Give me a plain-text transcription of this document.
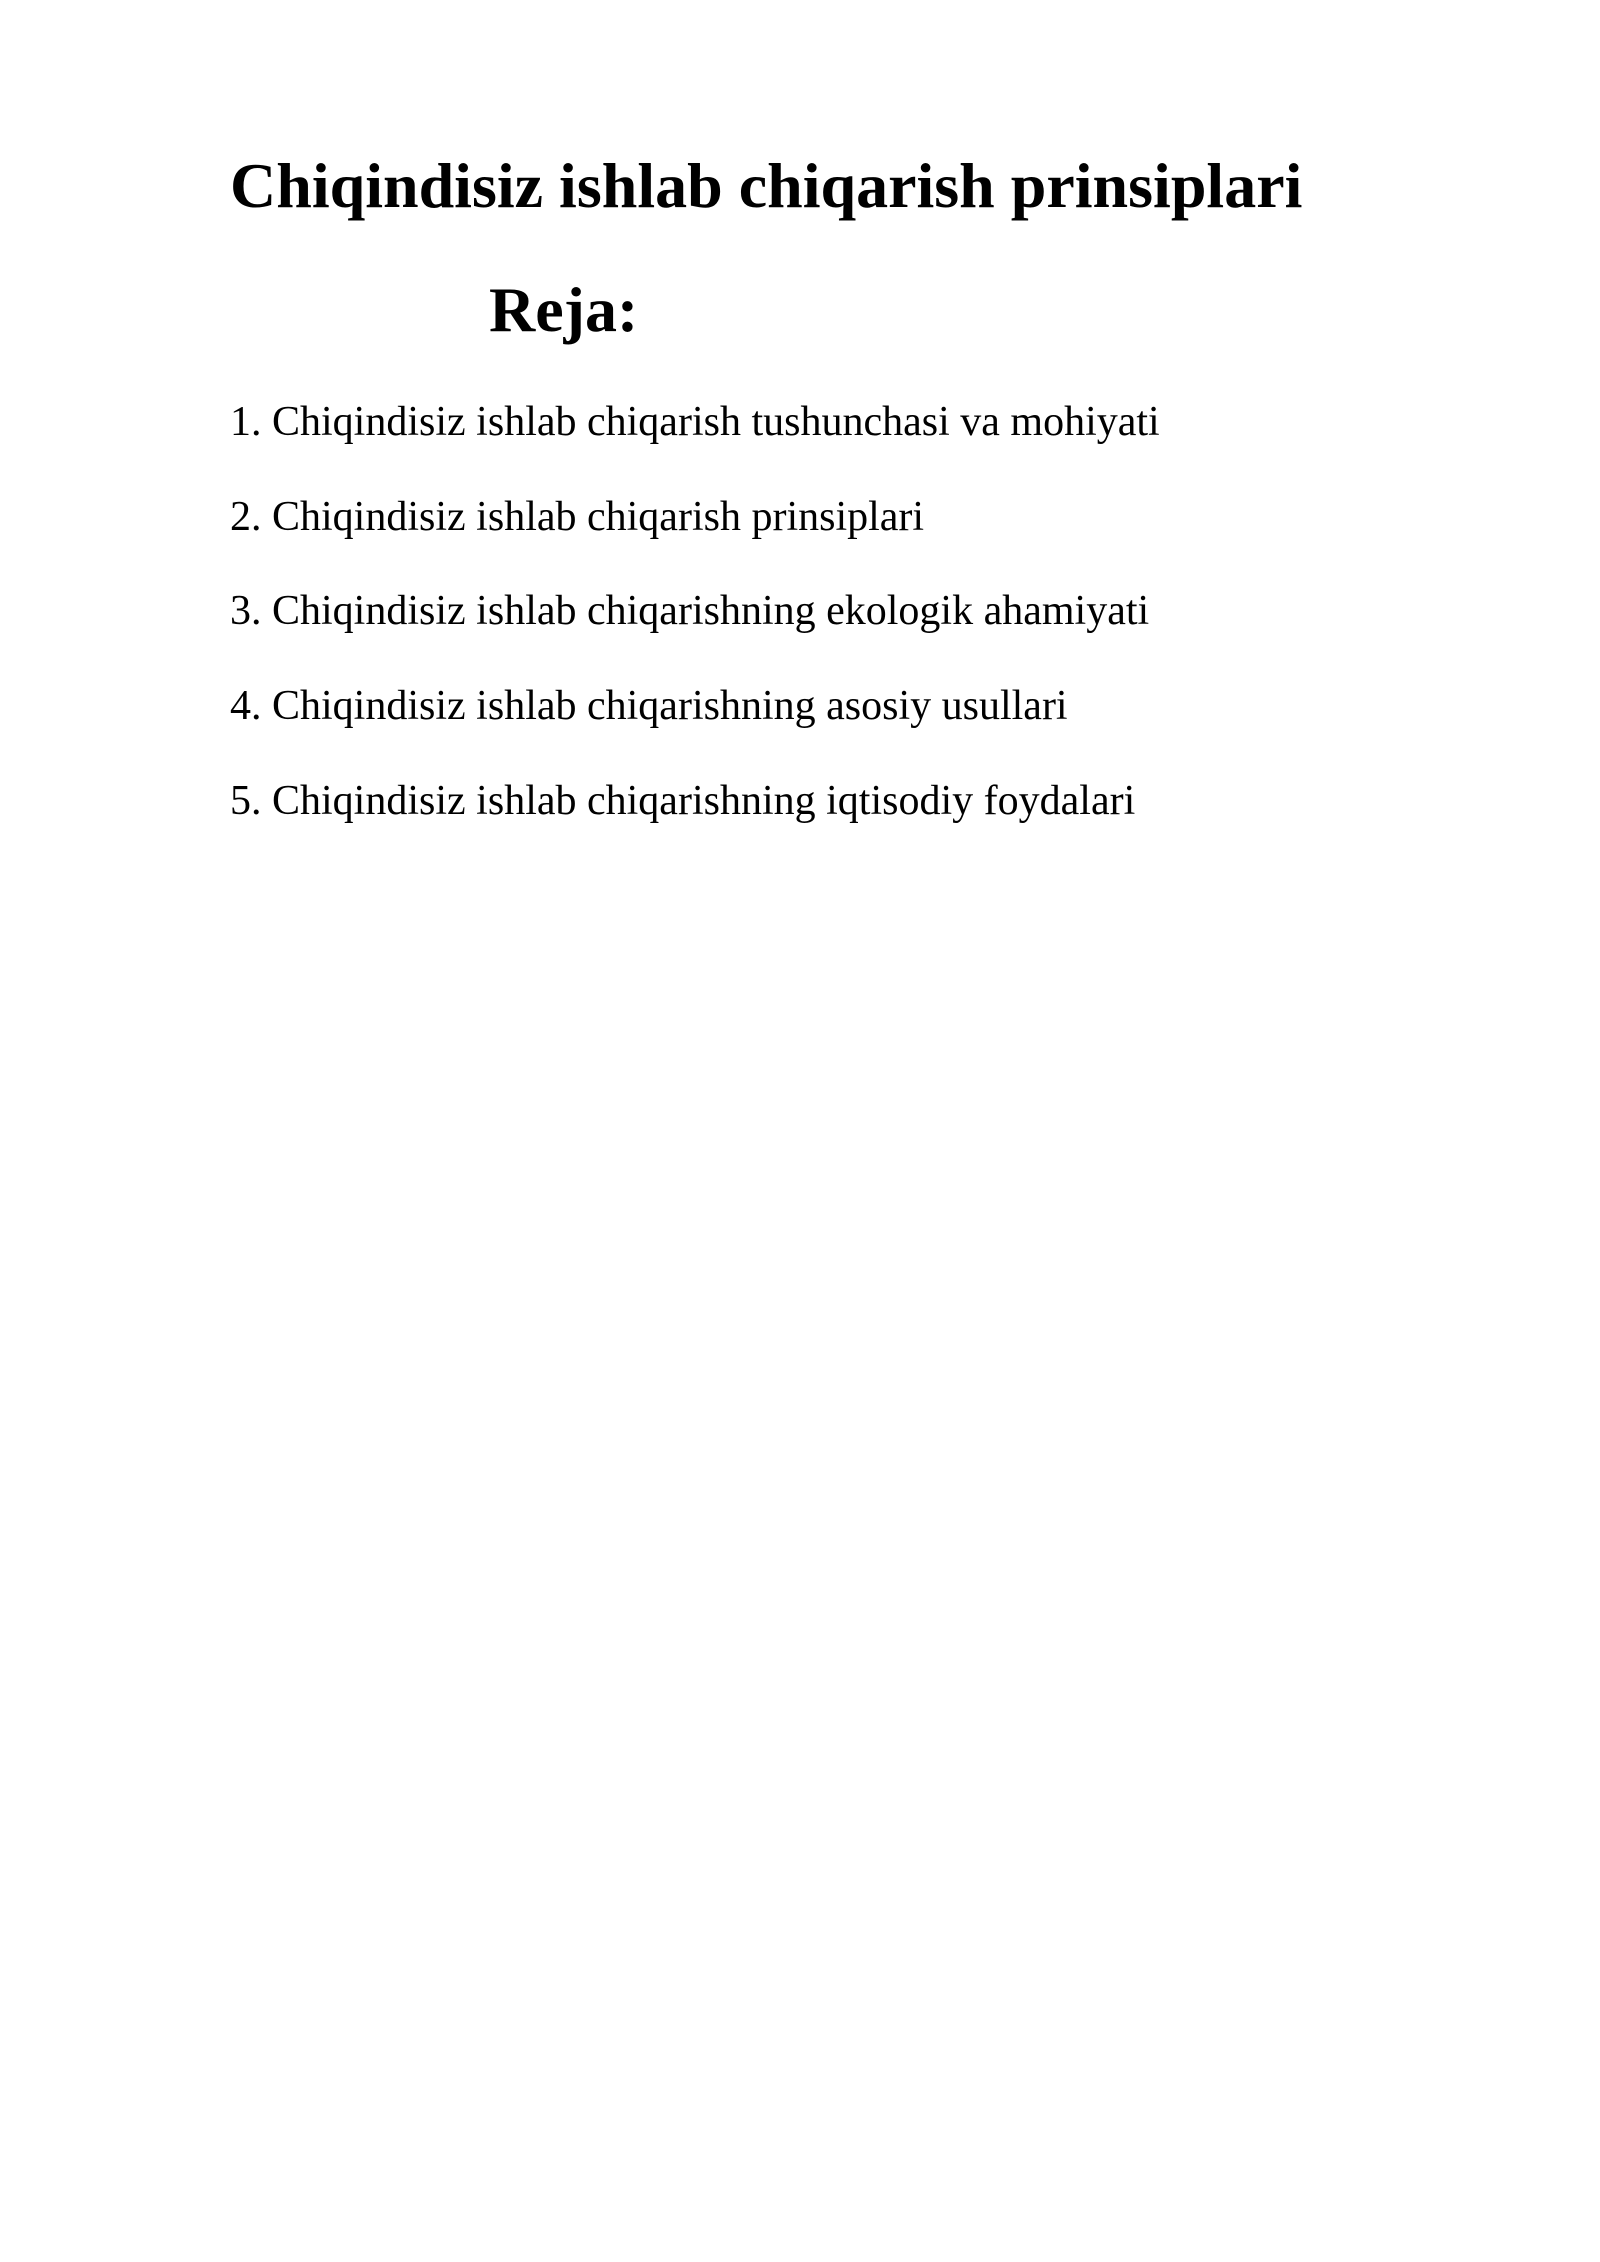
Chiqindisiz ishlab chiqarish prinsiplari
Reja:
1. Chiqindisiz ishlab chiqarish tushunchasi va mohiyati
2. Chiqindisiz ishlab chiqarish prinsiplari
3. Chiqindisiz ishlab chiqarishning ekologik ahamiyati
4. Chiqindisiz ishlab chiqarishning asosiy usullari
5. Chiqindisiz ishlab chiqarishning iqtisodiy foydalari
